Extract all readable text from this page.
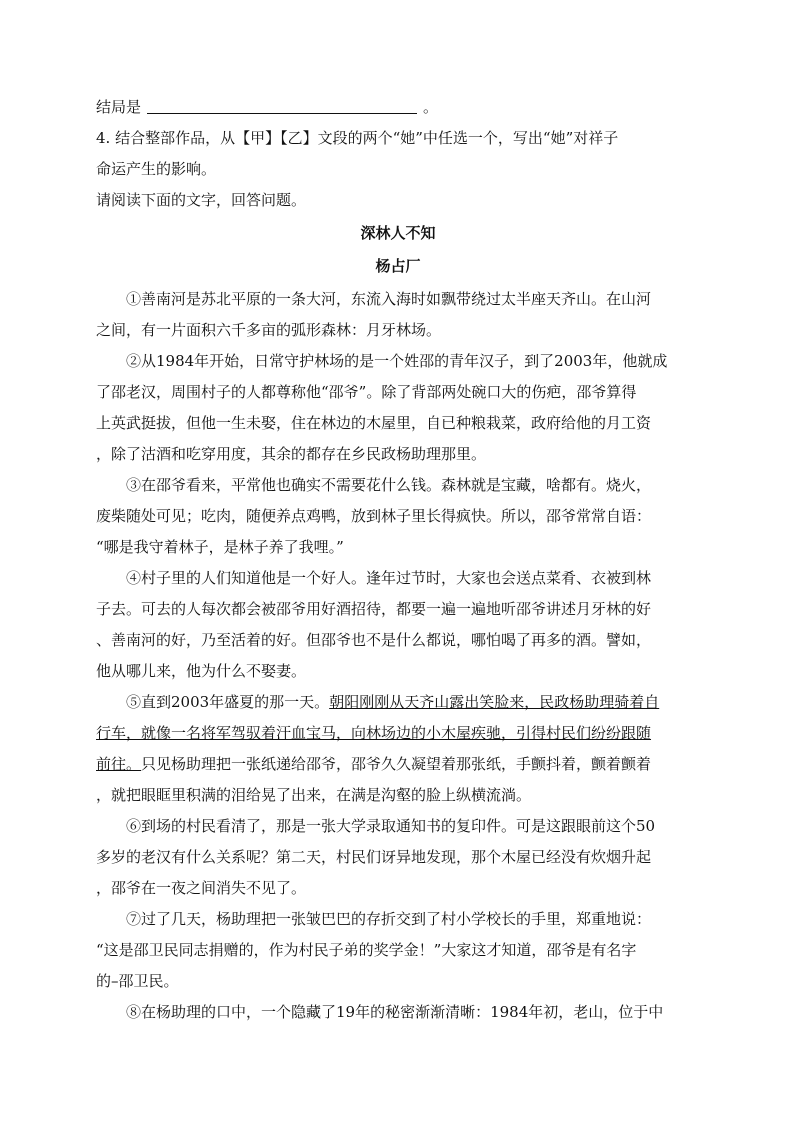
结局是	。
4. 结合整部作品，从【甲】【乙】文段的两个“她”中任选一个，写出“她”对祥子
命运产生的影响。
请阅读下面的文字，回答问题。
深林人不知
杨占厂
①善南河是苏北平原的一条大河，东流入海时如飘带绕过太半座天齐山。在山河
之间，有一片面积六千多亩的弧形森林：月牙林场。
②从1984年开始，日常守护林场的是一个姓邵的青年汉子，到了2003年，他就成
了邵老汉，周围村子的人都尊称他“邵爷”。除了背部两处碗口大的伤疤，邵爷算得
上英武挺拔，但他一生未娶，住在林边的木屋里，自已种粮栽菜，政府给他的月工资
，除了沽酒和吃穿用度，其余的都存在乡民政杨助理那里。
③在邵爷看来，平常他也确实不需要花什么钱。森林就是宝藏，啥都有。烧火，
废柴随处可见；吃肉，随便养点鸡鸭，放到林子里长得疯快。所以，邵爷常常自语：
“哪是我守着林子，是林子养了我哩。”
④村子里的人们知道他是一个好人。逢年过节时，大家也会送点菜肴、衣被到林
子去。可去的人每次都会被邵爷用好酒招待，都要一遍一遍地听邵爷讲述月牙林的好
、善南河的好，乃至活着的好。但邵爷也不是什么都说，哪怕喝了再多的酒。譬如，
他从哪儿来，他为什么不娶妻。
⑤直到2003年盛夏的那一天。朝阳刚刚从天齐山露出笑脸来，民政杨助理骑着自
行车，就像一名将军驾驭着汗血宝马，向林场边的小木屋疾驰，引得村民们纷纷跟随
前往。只见杨助理把一张纸递给邵爷，邵爷久久凝望着那张纸，手颤抖着，颤着颤着
，就把眼眶里积满的泪给晃了出来，在满是沟壑的脸上纵横流淌。
⑥到场的村民看清了，那是一张大学录取通知书的复印件。可是这跟眼前这个50
多岁的老汉有什么关系呢？第二天，村民们讶异地发现，那个木屋已经没有炊烟升起
，邵爷在一夜之间消失不见了。
⑦过了几天，杨助理把一张皱巴巴的存折交到了村小学校长的手里，郑重地说：
“这是邵卫民同志捐赠的，作为村民子弟的奖学金！”大家这才知道，邵爷是有名字
的–邵卫民。
⑧在杨助理的口中，一个隐藏了19年的秘密渐渐清晰：1984年初，老山，位于中
